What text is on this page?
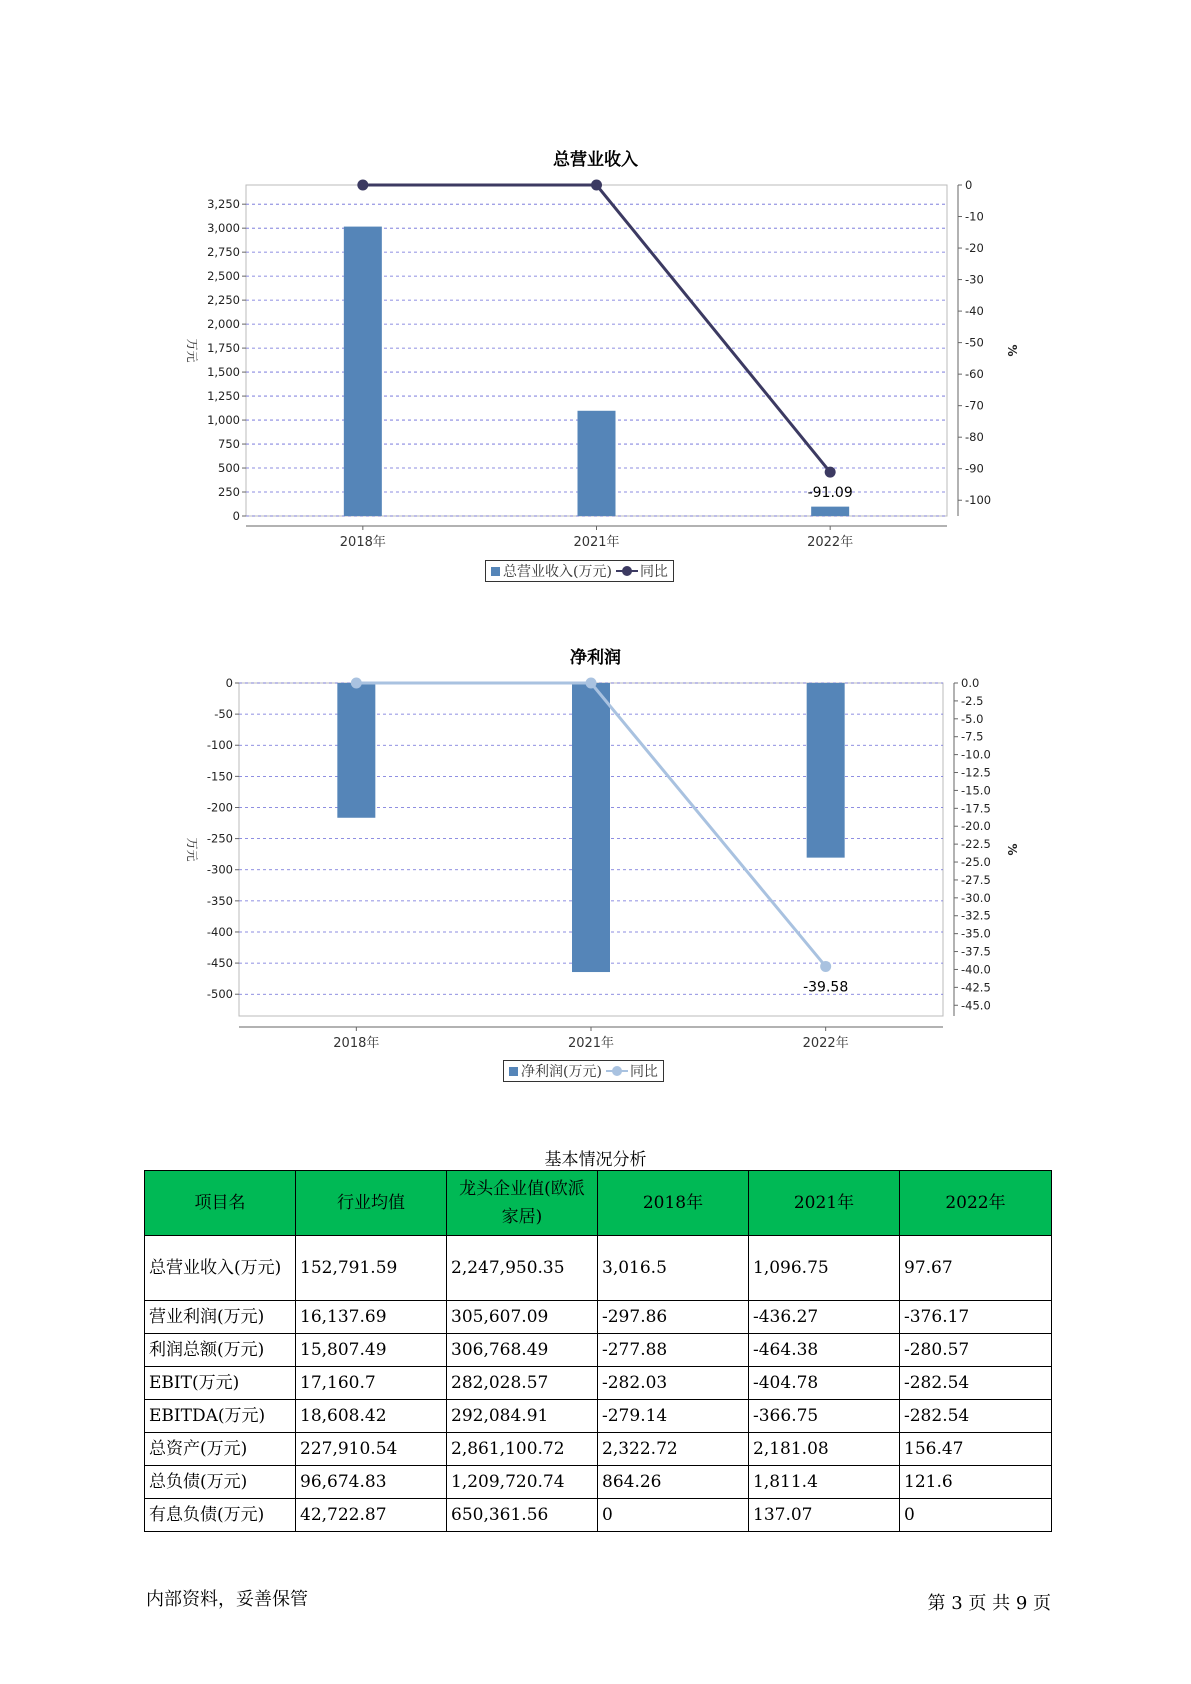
总营业收入
0
250
500
750
1,000
1,250
1,500
1,750
2,000
2,250
2,500
2,750
3,000
3,250
0
-10
-20
-30
-40
-50
-60
-70
-80
-90
-100
2018年	2021年	2022年
-91.09
万元	%
总营业收入(万元) 同比
净利润
0
-50
-100
-150
-200
-250
-300
-350
-400
-450
-500
0.0
-2.5
-5.0
-7.5
-10.0
-12.5
-15.0
-17.5
-20.0
-22.5
-25.0
-27.5
-30.0
-32.5
-35.0
-37.5
-40.0
-42.5
-45.0
2018年	2021年	2022年
-39.58
万元	%
净利润(万元) 同比
基本情况分析
项目名	行业均值	龙头企业值(欧派家居)	2018年	2021年	2022年
总营业收入(万元)	152,791.59	2,247,950.35	3,016.5	1,096.75	97.67
营业利润(万元)	16,137.69	305,607.09	-297.86	-436.27	-376.17
利润总额(万元)	15,807.49	306,768.49	-277.88	-464.38	-280.57
EBIT(万元)	17,160.7	282,028.57	-282.03	-404.78	-282.54
EBITDA(万元)	18,608.42	292,084.91	-279.14	-366.75	-282.54
总资产(万元)	227,910.54	2,861,100.72	2,322.72	2,181.08	156.47
总负债(万元)	96,674.83	1,209,720.74	864.26	1,811.4	121.6
有息负债(万元)	42,722.87	650,361.56	0	137.07	0
内部资料，妥善保管	第 3 页 共 9 页
